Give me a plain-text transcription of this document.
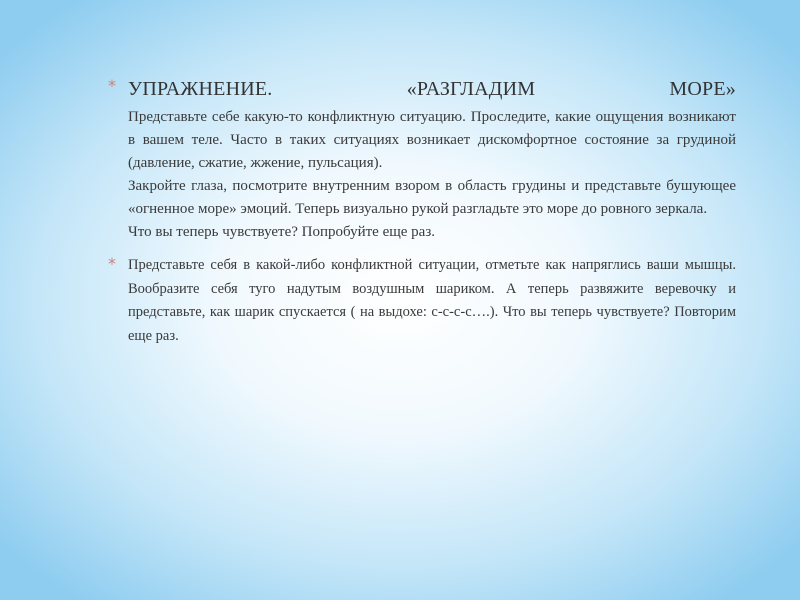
* УПРАЖНЕНИЕ. «РАЗГЛАДИМ МОРЕ»
Представьте себе какую-то конфликтную ситуацию. Проследите, какие ощущения возникают в вашем теле. Часто в таких ситуациях возникает дискомфортное состояние за грудиной (давление, сжатие, жжение, пульсация).
Закройте глаза, посмотрите внутренним взором в область грудины и представьте бушующее «огненное море» эмоций. Теперь визуально рукой разгладьте это море до ровного зеркала.
Что вы теперь чувствуете? Попробуйте еще раз.
* Представьте себя в какой-либо конфликтной ситуации, отметьте как напряглись ваши мышцы. Вообразите себя туго надутым воздушным шариком. А теперь развяжите веревочку и представьте, как шарик спускается ( на выдохе: с-с-с-с….). Что вы теперь чувствуете? Повторим еще раз.
